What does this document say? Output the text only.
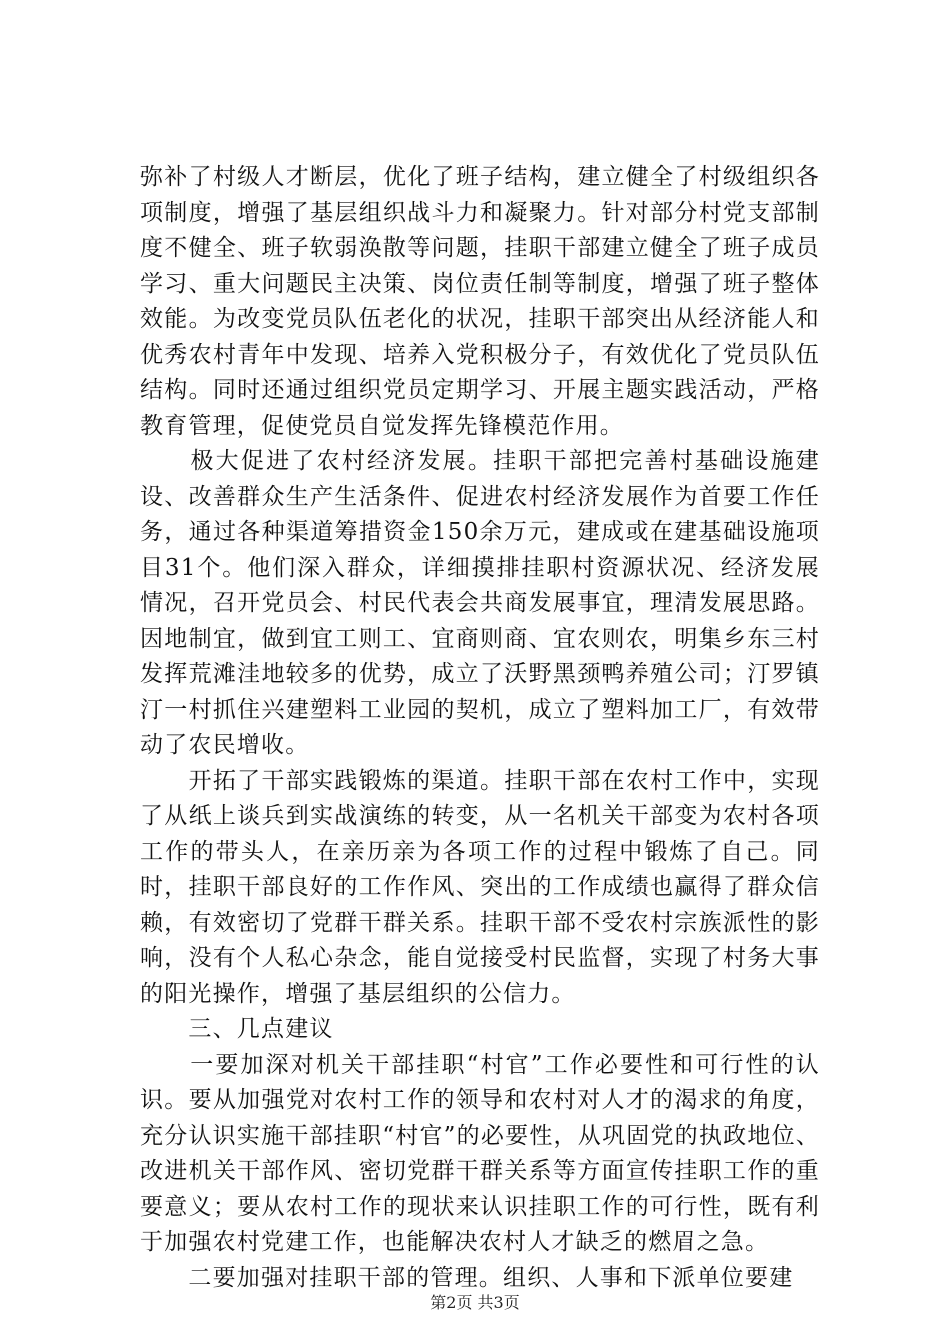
弥补了村级人才断层，优化了班子结构，建立健全了村级组织各项制度，增强了基层组织战斗力和凝聚力。针对部分村党支部制度不健全、班子软弱涣散等问题，挂职干部建立健全了班子成员学习、重大问题民主决策、岗位责任制等制度，增强了班子整体效能。为改变党员队伍老化的状况，挂职干部突出从经济能人和优秀农村青年中发现、培养入党积极分子，有效优化了党员队伍结构。同时还通过组织党员定期学习、开展主题实践活动，严格教育管理，促使党员自觉发挥先锋模范作用。

　　极大促进了农村经济发展。挂职干部把完善村基础设施建设、改善群众生产生活条件、促进农村经济发展作为首要工作任务，通过各种渠道筹措资金150余万元，建成或在建基础设施项目31个。他们深入群众，详细摸排挂职村资源状况、经济发展情况，召开党员会、村民代表会共商发展事宜，理清发展思路。因地制宜，做到宜工则工、宜商则商、宜农则农，明集乡东三村发挥荒滩洼地较多的优势，成立了沃野黑颈鸭养殖公司；汀罗镇汀一村抓住兴建塑料工业园的契机，成立了塑料加工厂，有效带动了农民增收。

　　开拓了干部实践锻炼的渠道。挂职干部在农村工作中，实现了从纸上谈兵到实战演练的转变，从一名机关干部变为农村各项工作的带头人，在亲历亲为各项工作的过程中锻炼了自己。同时，挂职干部良好的工作作风、突出的工作成绩也赢得了群众信赖，有效密切了党群干群关系。挂职干部不受农村宗族派性的影响，没有个人私心杂念，能自觉接受村民监督，实现了村务大事的阳光操作，增强了基层组织的公信力。

　　三、几点建议

　　一要加深对机关干部挂职“村官”工作必要性和可行性的认识。要从加强党对农村工作的领导和农村对人才的渴求的角度，充分认识实施干部挂职“村官”的必要性，从巩固党的执政地位、改进机关干部作风、密切党群干群关系等方面宣传挂职工作的重要意义；要从农村工作的现状来认识挂职工作的可行性，既有利于加强农村党建工作，也能解决农村人才缺乏的燃眉之急。

　　二要加强对挂职干部的管理。组织、人事和下派单位要建

第2页 共3页
